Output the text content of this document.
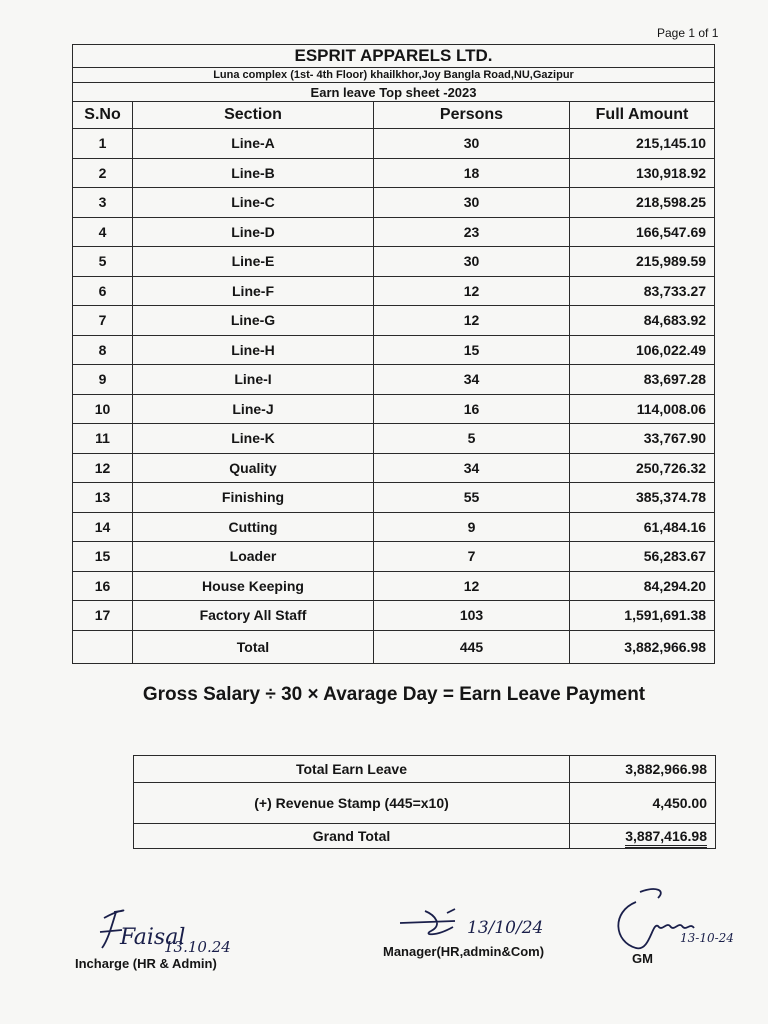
Page 1 of 1
ESPRIT APPARELS LTD.			
Luna complex (1st- 4th Floor) khailkhor,Joy Bangla Road,NU,Gazipur			
Earn leave Top sheet -2023			
S.No	Section	Persons	Full Amount
1	Line-A	30	215,145.10
2	Line-B	18	130,918.92
3	Line-C	30	218,598.25
4	Line-D	23	166,547.69
5	Line-E	30	215,989.59
6	Line-F	12	83,733.27
7	Line-G	12	84,683.92
8	Line-H	15	106,022.49
9	Line-I	34	83,697.28
10	Line-J	16	114,008.06
11	Line-K	5	33,767.90
12	Quality	34	250,726.32
13	Finishing	55	385,374.78
14	Cutting	9	61,484.16
15	Loader	7	56,283.67
16	House Keeping	12	84,294.20
17	Factory All Staff	103	1,591,691.38
	Total	445	3,882,966.98
Gross Salary ÷ 30 × Avarage Day = Earn Leave Payment
Total Earn Leave	3,882,966.98
(+) Revenue Stamp (445=x10)	4,450.00
Grand Total	3,887,416.98
Faisal
13.10.24
Incharge (HR & Admin)
13/10/24
Manager(HR,admin&Com)
13-10-24
GM
